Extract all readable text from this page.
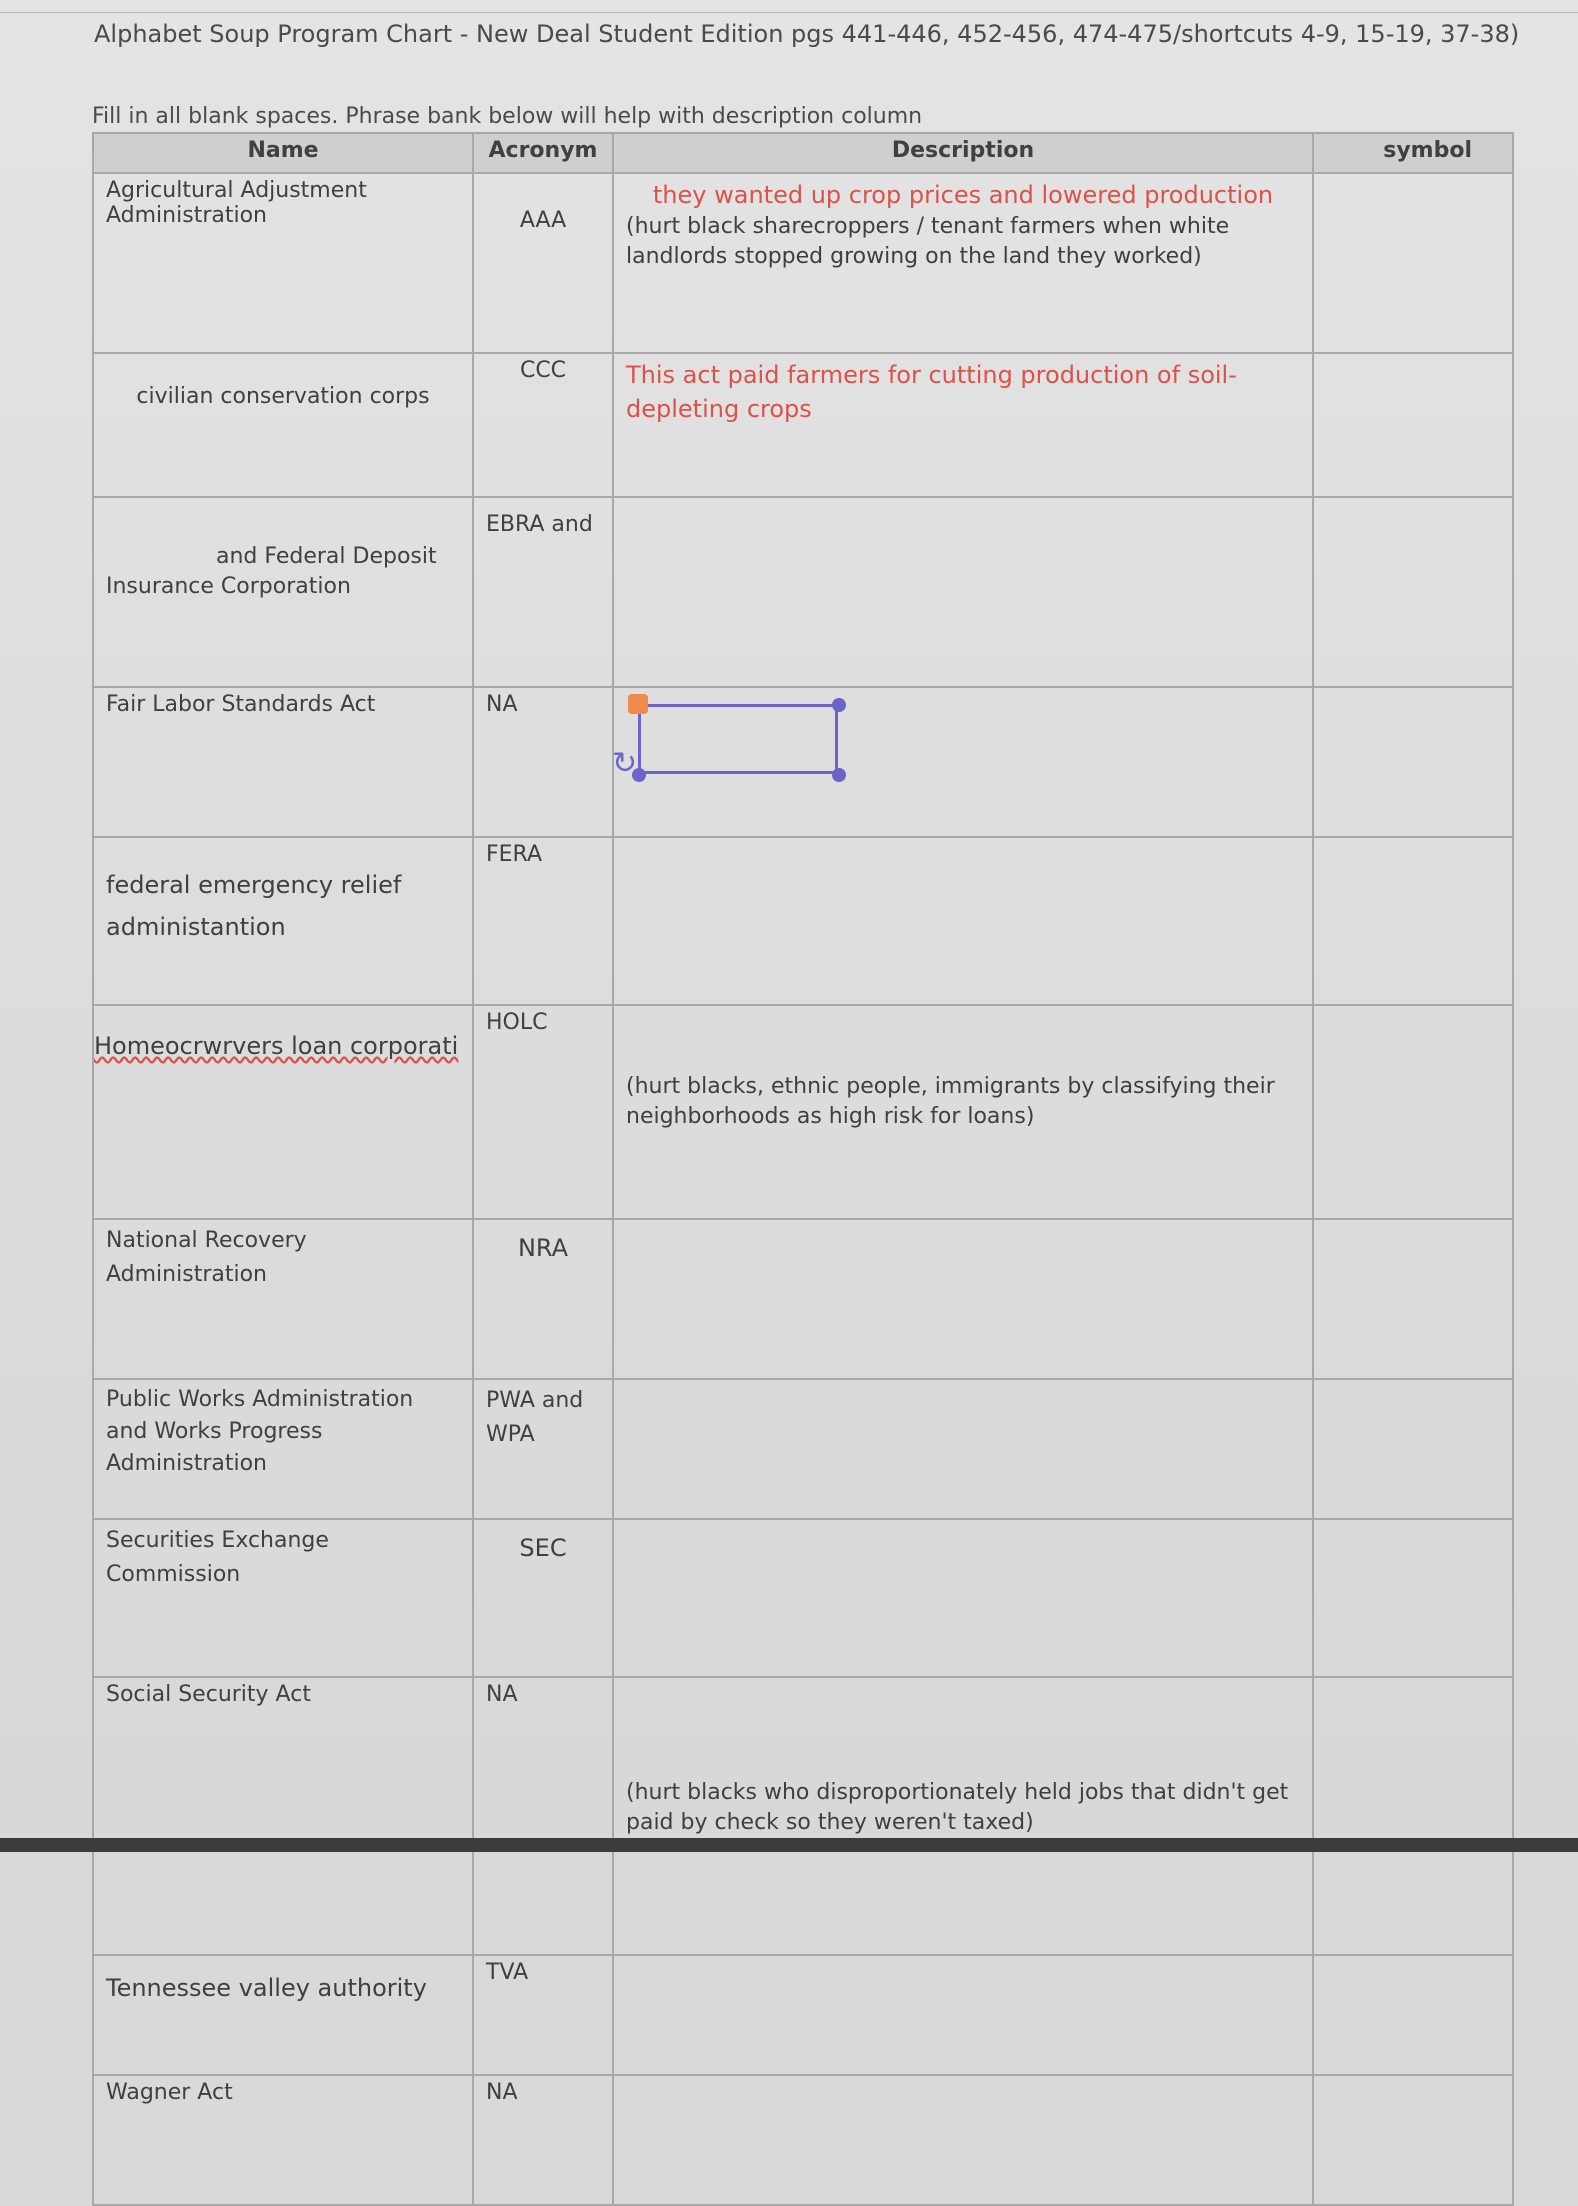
Alphabet Soup Program Chart - New Deal Student Edition pgs 441-446, 452-456, 474-475/shortcuts 4-9, 15-19, 37-38)
Fill in all blank spaces. Phrase bank below will help with description column
Name	Acronym	Description	symbol
Agricultural Adjustment Administration	AAA	they wanted up crop prices and lowered production
(hurt black sharecroppers / tenant farmers when white landlords stopped growing on the land they worked)	

civilian conservation corps	CCC	This act paid farmers for cutting production of soil-depleting crops	

and Federal Deposit Insurance Corporation	EBRA and		
Fair Labor Standards Act	NA	↻	

federal emergency relief administantion	FERA		
Homeocrwrvers loan corporati	HOLC	(hurt blacks, ethnic people, immigrants by classifying their neighborhoods as high risk for loans)	

National Recovery Administration	NRA		
Public Works Administration and Works Progress Administration	PWA and WPA		
Securities Exchange Commission	SEC		
Social Security Act	NA	(hurt blacks who disproportionately held jobs that didn't get paid by check so they weren't taxed)	

Tennessee valley authority	TVA		
Wagner Act	NA		
